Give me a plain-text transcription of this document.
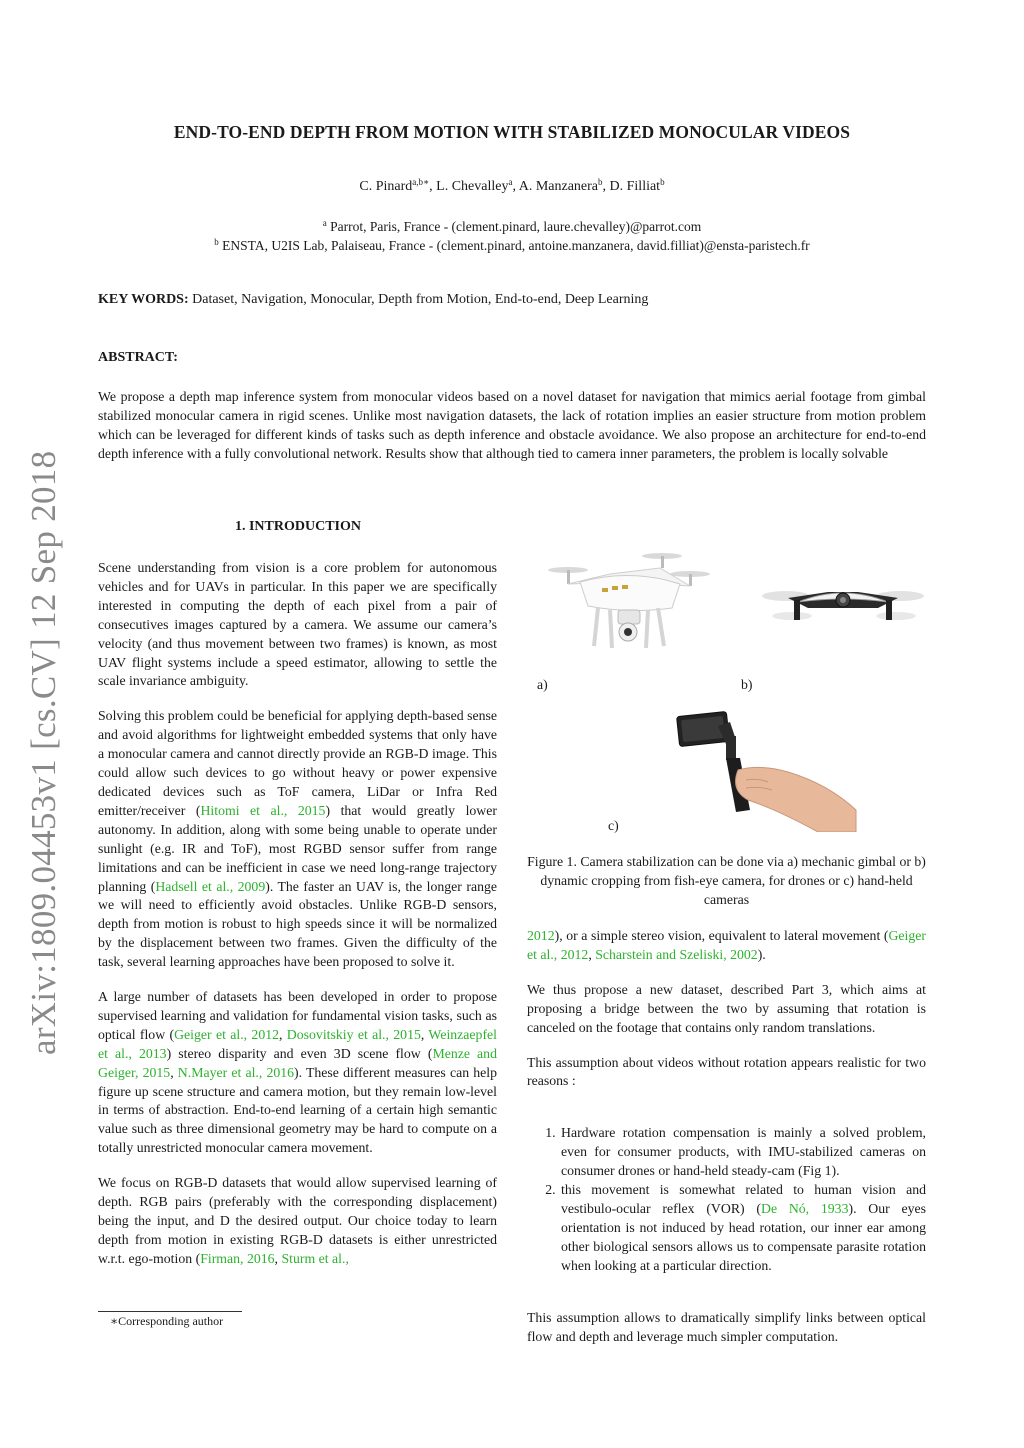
END-TO-END DEPTH FROM MOTION WITH STABILIZED MONOCULAR VIDEOS
C. Pinard$^{a,b∗}$, L. Chevalley$^a$, A. Manzanera$^b$, D. Filliat$^b$
$^a$ Parrot, Paris, France - (clement.pinard, laure.chevalley)@parrot.com
$^b$ ENSTA, U2IS Lab, Palaiseau, France - (clement.pinard, antoine.manzanera, david.filliat)@ensta-paristech.fr
KEY WORDS: Dataset, Navigation, Monocular, Depth from Motion, End-to-end, Deep Learning
ABSTRACT:
We propose a depth map inference system from monocular videos based on a novel dataset for navigation that mimics aerial footage from gimbal stabilized monocular camera in rigid scenes. Unlike most navigation datasets, the lack of rotation implies an easier structure from motion problem which can be leveraged for different kinds of tasks such as depth inference and obstacle avoidance. We also propose an architecture for end-to-end depth inference with a fully convolutional network. Results show that although tied to camera inner parameters, the problem is locally solvable
arXiv:1809.04453v1 [cs.CV] 12 Sep 2018	1. INTRODUCTION

Scene understanding from vision is a core problem for autonomous vehicles and for UAVs in particular. In this paper we are specifically interested in computing the depth of each pixel from a pair of consecutives images captured by a camera. We assume our camera’s velocity (and thus movement between two frames) is known, as most UAV flight systems include a speed estimator, allowing to settle the scale invariance ambiguity.

Solving this problem could be beneficial for applying depth-based sense and avoid algorithms for lightweight embedded systems that only have a monocular camera and cannot directly provide an RGB-D image. This could allow such devices to go without heavy or power expensive dedicated devices such as ToF camera, LiDar or Infra Red emitter/receiver (Hitomi et al., 2015) that would greatly lower autonomy. In addition, along with some being unable to operate under sunlight (e.g. IR and ToF), most RGBD sensor suffer from range limitations and can be inefficient in case we need long-range trajectory planning (Hadsell et al., 2009). The faster an UAV is, the longer range we will need to efficiently avoid obstacles. Unlike RGB-D sensors, depth from motion is robust to high speeds since it will be normalized by the displacement between two frames. Given the difficulty of the task, several learning approaches have been proposed to solve it.

A large number of datasets has been developed in order to propose supervised learning and validation for fundamental vision tasks, such as optical flow (Geiger et al., 2012, Dosovitskiy et al., 2015, Weinzaepfel et al., 2013) stereo disparity and even 3D scene flow (Menze and Geiger, 2015, N.Mayer et al., 2016). These different measures can help figure up scene structure and camera motion, but they remain low-level in terms of abstraction. End-to-end learning of a certain high semantic value such as three dimensional geometry may be hard to compute on a totally unrestricted monocular camera movement.

We focus on RGB-D datasets that would allow supervised learning of depth. RGB pairs (preferably with the corresponding displacement) being the input, and D the desired output. Our choice today to learn depth from motion in existing RGB-D datasets is either unrestricted w.r.t. ego-motion (Firman, 2016, Sturm et al.,

∗Corresponding author
a)	b)
c)
Figure 1. Camera stabilization can be done via a) mechanic gimbal or b) dynamic cropping from fish-eye camera, for drones or c) hand-held cameras

2012), or a simple stereo vision, equivalent to lateral movement (Geiger et al., 2012, Scharstein and Szeliski, 2002).

We thus propose a new dataset, described Part 3, which aims at proposing a bridge between the two by assuming that rotation is canceled on the footage that contains only random translations.

This assumption about videos without rotation appears realistic for two reasons :

1. Hardware rotation compensation is mainly a solved problem, even for consumer products, with IMU-stabilized cameras on consumer drones or hand-held steady-cam (Fig 1).
2. this movement is somewhat related to human vision and vestibulo-ocular reflex (VOR) (De Nó, 1933). Our eyes orientation is not induced by head rotation, our inner ear among other biological sensors allows us to compensate parasite rotation when looking at a particular direction.

This assumption allows to dramatically simplify links between optical flow and depth and leverage much simpler computation.
